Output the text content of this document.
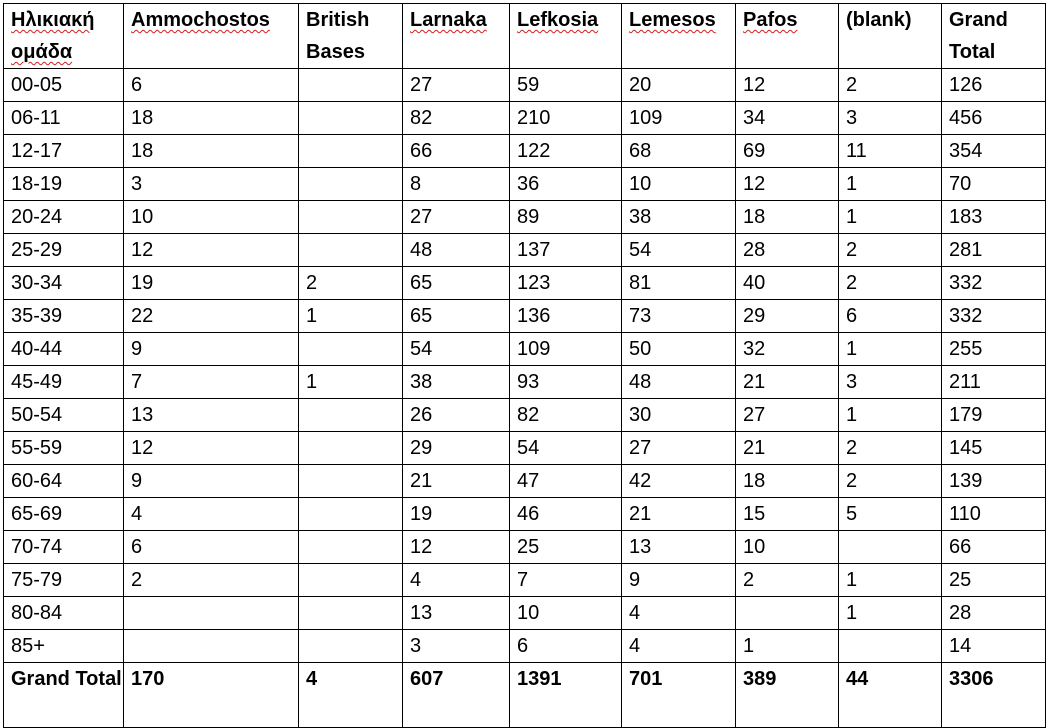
Ηλικιακή ομάδα	Ammochostos	British Bases	Larnaka	Lefkosia	Lemesos	Pafos	(blank)	Grand Total
00-05	6		27	59	20	12	2	126
06-11	18		82	210	109	34	3	456
12-17	18		66	122	68	69	11	354
18-19	3		8	36	10	12	1	70
20-24	10		27	89	38	18	1	183
25-29	12		48	137	54	28	2	281
30-34	19	2	65	123	81	40	2	332
35-39	22	1	65	136	73	29	6	332
40-44	9		54	109	50	32	1	255
45-49	7	1	38	93	48	21	3	211
50-54	13		26	82	30	27	1	179
55-59	12		29	54	27	21	2	145
60-64	9		21	47	42	18	2	139
65-69	4		19	46	21	15	5	110
70-74	6		12	25	13	10		66
75-79	2		4	7	9	2	1	25
80-84			13	10	4		1	28
85+			3	6	4	1		14
Grand Total	170	4	607	1391	701	389	44	3306
